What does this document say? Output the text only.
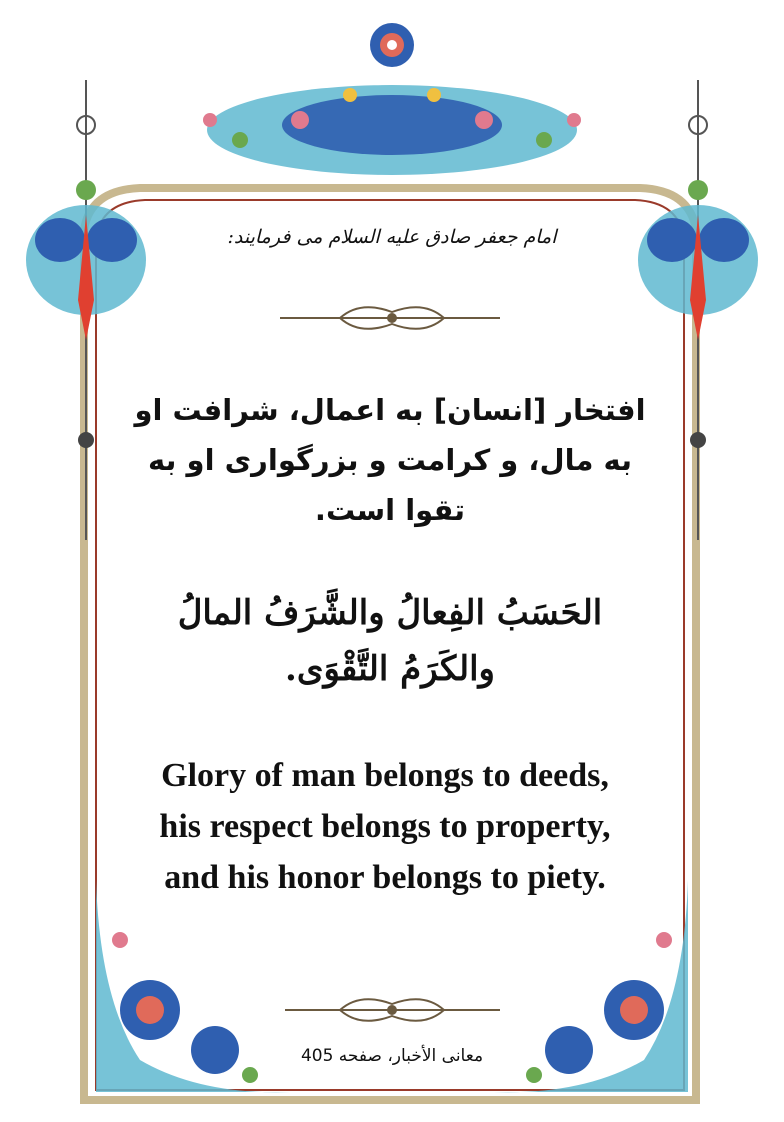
امام جعفر صادق علیه السلام می فرمایند:
افتخار [انسان] به اعمال، شرافت او به مال، و کرامت و بزرگواری او به تقوا است.
الحَسَبُ الفِعالُ والشَّرَفُ المالُ والكَرَمُ التَّقْوَى.
Glory of man belongs to deeds, his respect belongs to property, and his honor belongs to piety.
معانی الأخبار، صفحه 405
